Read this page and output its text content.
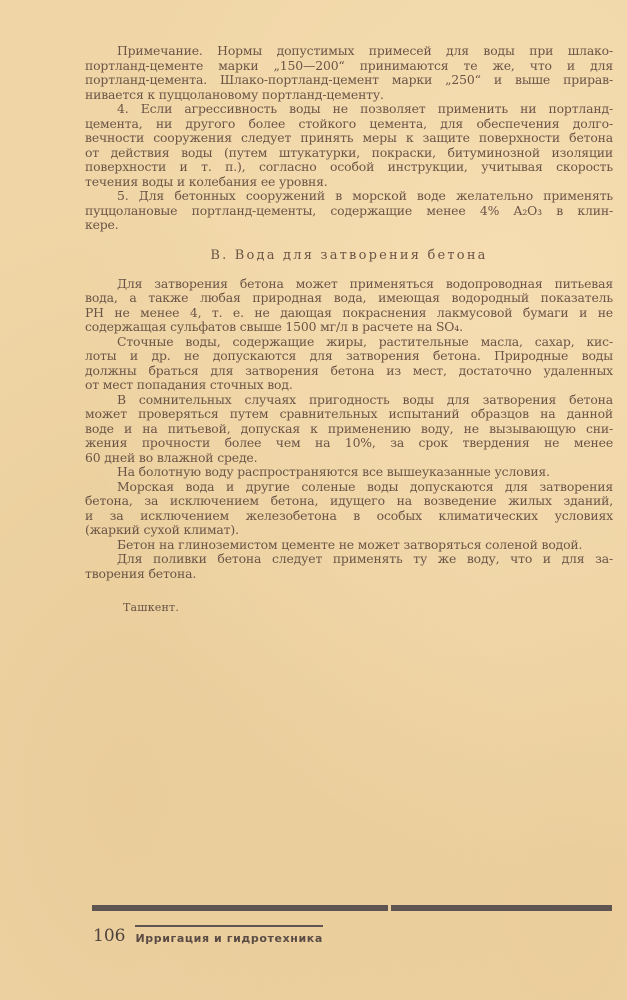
Примечание. Нормы допустимых примесей для воды при шлако-
портланд-цементе марки „150—200“ принимаются те же, что и для
портланд-цемента. Шлако-портланд-цемент марки „250“ и выше прирав-
нивается к пуццолановому портланд-цементу.
4. Если агрессивность воды не позволяет применить ни портланд-
цемента, ни другого более стойкого цемента, для обеспечения долго-
вечности сооружения следует принять меры к защите поверхности бетона
от действия воды (путем штукатурки, покраски, битуминозной изоляции
поверхности и т. п.), согласно особой инструкции, учитывая скорость
течения воды и колебания ее уровня.
5. Для бетонных сооружений в морской воде желательно применять
пуццолановые портланд-цементы, содержащие менее 4% A₂O₃ в клин-
кере.
В. Вода для затворения бетона
Для затворения бетона может применяться водопроводная питьевая
вода, а также любая природная вода, имеющая водородный показатель
PH не менее 4, т. е. не дающая покраснения лакмусовой бумаги и не
содержащая сульфатов свыше 1500 мг/л в расчете на SO₄.
Сточные воды, содержащие жиры, растительные масла, сахар, кис-
лоты и др. не допускаются для затворения бетона. Природные воды
должны браться для затворения бетона из мест, достаточно удаленных
от мест попадания сточных вод.
В сомнительных случаях пригодность воды для затворения бетона
может проверяться путем сравнительных испытаний образцов на данной
воде и на питьевой, допуская к применению воду, не вызывающую сни-
жения прочности более чем на 10%, за срок твердения не менее
60 дней во влажной среде.
На болотную воду распространяются все вышеуказанные условия.
Морская вода и другие соленые воды допускаются для затворения
бетона, за исключением бетона, идущего на возведение жилых зданий,
и за исключением железобетона в особых климатических условиях
(жаркий сухой климат).
Бетон на глиноземистом цементе не может затворяться соленой водой.
Для поливки бетона следует применять ту же воду, что и для за-
творения бетона.
Ташкент.
106 Ирригация и гидротехника
